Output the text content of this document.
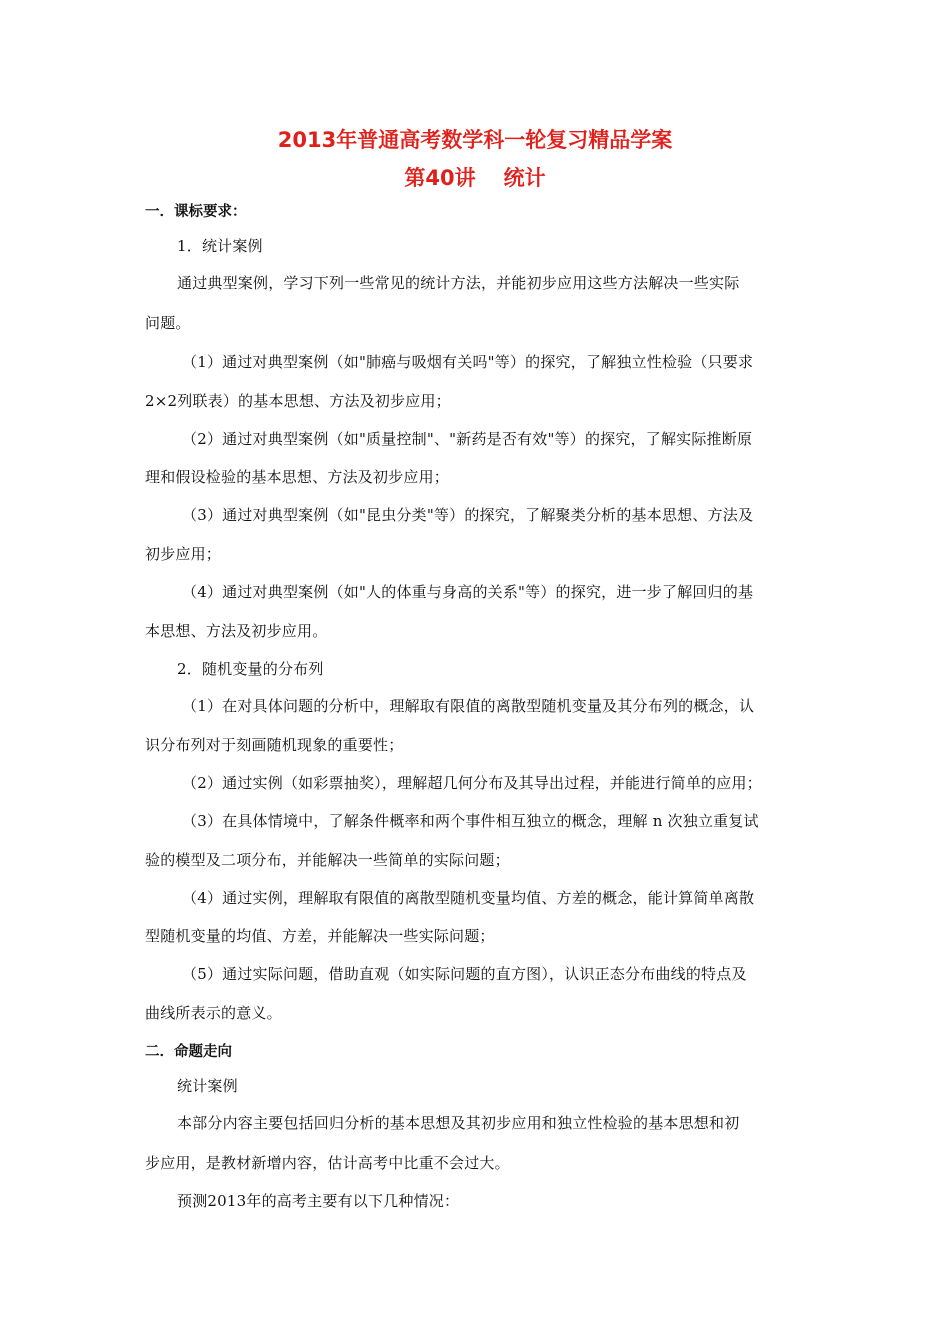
2013年普通高考数学科一轮复习精品学案
第40讲 统计
一．课标要求：
1．统计案例
通过典型案例，学习下列一些常见的统计方法，并能初步应用这些方法解决一些实际
问题。
（1）通过对典型案例（如"肺癌与吸烟有关吗"等）的探究，了解独立性检验（只要求
2×2列联表）的基本思想、方法及初步应用；
（2）通过对典型案例（如"质量控制"、"新药是否有效"等）的探究，了解实际推断原
理和假设检验的基本思想、方法及初步应用；
（3）通过对典型案例（如"昆虫分类"等）的探究，了解聚类分析的基本思想、方法及
初步应用；
（4）通过对典型案例（如"人的体重与身高的关系"等）的探究，进一步了解回归的基
本思想、方法及初步应用。
2．随机变量的分布列
（1）在对具体问题的分析中，理解取有限值的离散型随机变量及其分布列的概念，认
识分布列对于刻画随机现象的重要性；
（2）通过实例（如彩票抽奖），理解超几何分布及其导出过程，并能进行简单的应用；
（3）在具体情境中，了解条件概率和两个事件相互独立的概念，理解 n 次独立重复试
验的模型及二项分布，并能解决一些简单的实际问题；
（4）通过实例，理解取有限值的离散型随机变量均值、方差的概念，能计算简单离散
型随机变量的均值、方差，并能解决一些实际问题；
（5）通过实际问题，借助直观（如实际问题的直方图），认识正态分布曲线的特点及
曲线所表示的意义。
二．命题走向
统计案例
本部分内容主要包括回归分析的基本思想及其初步应用和独立性检验的基本思想和初
步应用，是教材新增内容，估计高考中比重不会过大。
预测2013年的高考主要有以下几种情况：
